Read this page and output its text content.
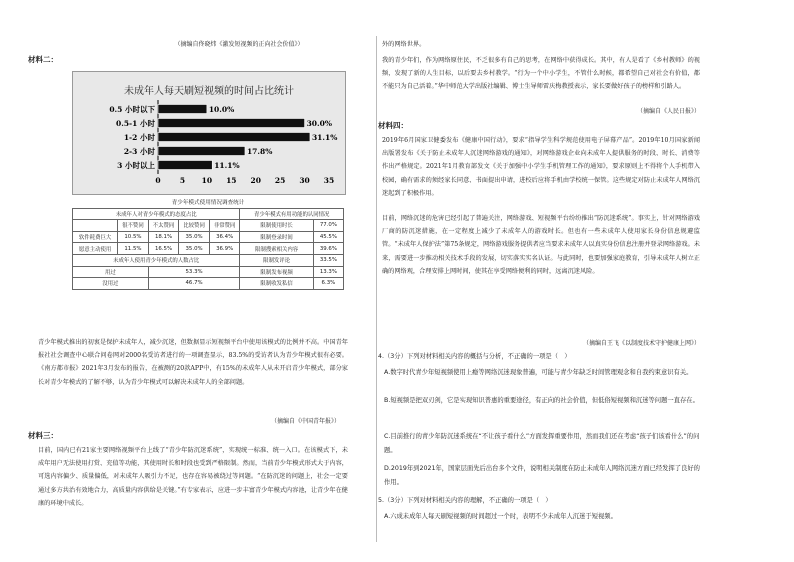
（摘编自佟晓炜《激发短视频的正向社会价值》）
材料二：
未成年人每天刷短视频的时间占比统计
0.5 小时以下	10.0%
0.5-1 小时	30.0%
1-2 小时	31.1%
2-3 小时	17.8%
3 小时以上	11.1%
0	5 10 15 20 25 30 35
青少年模式使用情况调查统计						
未成年人对青少年模式的态度占比					青少年模式有用功能的认同情况	
	很不赞同	不太赞同	比较赞同	非常赞同	限制使用时长	77.0%
软件耗费巨大	10.5%	18.1%	35.0%	36.4%	限制登录时间	45.5%
愿意主动使用	11.5%	16.5%	35.0%	36.9%	限制搜索相关内容	39.6%
未成年人使用青少年模式的人数占比					限制发评论	33.5%
用过		53.3%			限制发布视频	13.3%
没用过		46.7%			限制收发私信	6.3%

青少年模式推出的初衷是保护未成年人，减少沉迷，但数据显示短视频平台中使用该模式的比例并不高。中国青年报社社会调查中心联合问卷网对2000名受访者进行的一项调查显示，83.5%的受访者认为青少年模式很有必要。《南方都市报》2021年3月发布的报告，在被测的20款APP中，有15%的未成年人从未开启青少年模式，部分家长对青少年模式的了解不够，认为青少年模式可以解决未成年人的全部问题。

（摘编自《中国青年报》）
材料三：

目前，国内已有21家主要网络视频平台上线了“青少年防沉迷系统”，实现统一标准、统一入口。在该模式下，未成年用户无法使用打赏、充值等功能，其使用时长和时段也受到严格限制。然而，当前青少年模式形式大于内容，可选内容偏少、质量偏低，对未成年人吸引力不足，也存在容易被绕过等问题。“在防沉迷的问题上，社会一定要通过多方共治有效地合力，高质量内容供给是关键。”有专家表示，应进一步丰富青少年模式内容池，让青少年在健康的环境中成长。

外的网络世界。

我的青少年们，作为网络原住民，不乏很多有自己的思考，在网络中获得成长。其中，有人是看了《乡村教师》的视频，发现了新的人生目标，以后要去乡村教学。“行为一个中小学生，不管什么时候，都希望自己对社会有价值，都不能只为自己活着。”华中师范大学出版社编辑、博士生导师雷庆梅教授表示，家长要做好孩子的榜样和引路人。

（摘编自《人民日报》）
材料四：

2019年6月国家卫健委发布《健康中国行动》，要求“指导学生科学规范使用电子屏幕产品”。2019年10月国家新闻出版署发布《关于防止未成年人沉迷网络游戏的通知》，对网络游戏企业向未成年人提供服务的时段、时长、消费等作出严格规定。2021年1月教育部发文《关于加强中小学生手机管理工作的通知》，要求原则上不得将个人手机带入校园，确有需求的须经家长同意、书面提出申请，进校后应将手机由学校统一保管。这些规定对防止未成年人网络沉迷起到了积极作用。

目前，网络沉迷的危害已经引起了普遍关注，网络游戏、短视频平台纷纷推出“防沉迷系统”。事实上，针对网络游戏厂商的防沉迷措施，在一定程度上减少了未成年人的游戏时长。但也有一些未成年人使用家长身份信息规避监管。“未成年人保护法”第75条规定，网络游戏服务提供者应当要求未成年人以真实身份信息注册并登录网络游戏。未来，需要进一步推动相关技术手段的发展，切实落实实名认证。与此同时，也要加强家庭教育，引导未成年人树立正确的网络观，合理安排上网时间，使其在享受网络便利的同时，远离沉迷风险。

（摘编自王飞《以制度技术守护健康上网》）

4.（3分）下列对材料相关内容的概括与分析，不正确的一项是（　）

A.数字时代青少年短视频使用上瘾等网络沉迷现象普遍，可能与青少年缺乏时间管理观念和自我约束意识有关。

B.短视频是把双刃剑，它是实现知识普惠的重要途径，有正向的社会价值，但低俗短视频和沉迷等问题一直存在。

C.目前推行的青少年防沉迷系统在“不让孩子看什么”方面发挥重要作用，然而我们还在考虑“孩子们该看什么”的问题。

D.2019年到2021年，国家层面先后出台多个文件，说明相关制度在防止未成年人网络沉迷方面已经发挥了良好的作用。

5.（3分）下列对材料相关内容的理解，不正确的一项是（　）

A.六成未成年人每天刷短视频的时间超过一个时，表明不少未成年人沉迷于短视频。
